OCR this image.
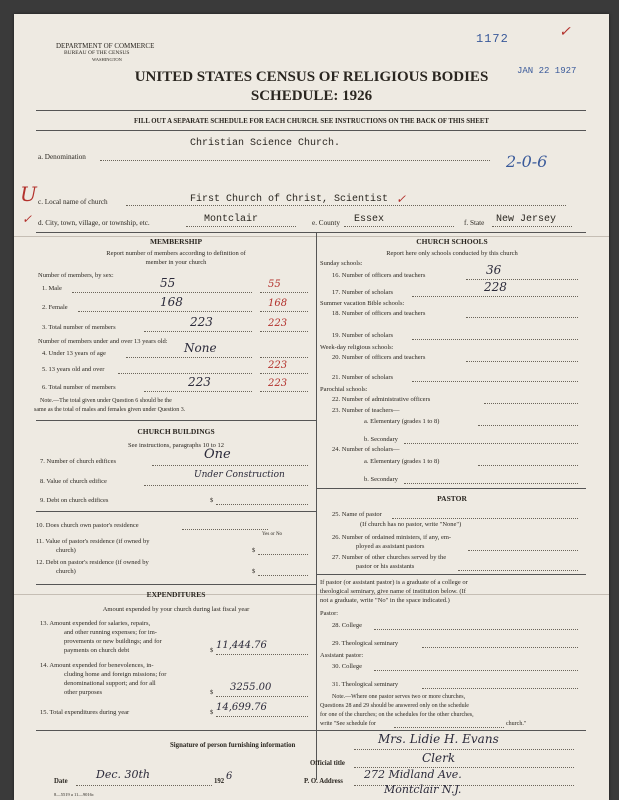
1172	✓
JAN 22 1927
DEPARTMENT OF COMMERCE
BUREAU OF THE CENSUS
WASHINGTON
UNITED STATES CENSUS OF RELIGIOUS BODIES
SCHEDULE: 1926
FILL OUT A SEPARATE SCHEDULE FOR EACH CHURCH. SEE INSTRUCTIONS ON THE BACK OF THIS SHEET
2-0-6
a. Denomination
Christian Science Church.
U c. Local name of church	First Church of Christ, Scientist ✓
✓ d. City, town, village, or township, etc.	Montclair	e. County Essex	f. State New Jersey
MEMBERSHIP
Report number of members according to definition of
member in your church
Number of members, by sex:
1. Male	55	55
2. Female	168	168
3. Total number of members	223	223
Number of members under and over 13 years old:
4. Under 13 years of age	None
5. 13 years old and over	223
6. Total number of members	223	223
Note.—The total given under Question 6 should be the
same as the total of males and females given under Question 3.
CHURCH BUILDINGS
See instructions, paragraphs 10 to 12
7. Number of church edifices	One
8. Value of church edifice
Under Construction
9. Debt on church edifices	$
10. Does church own pastor's residence
Yes or No
11. Value of pastor's residence (if owned by
church)	$
12. Debt on pastor's residence (if owned by
church)	$
EXPENDITURES
Amount expended by your church during last fiscal year
13. Amount expended for salaries, repairs,
and other running expenses; for im-
provements or new buildings; and for
payments on church debt	$ 11,444.76
14. Amount expended for benevolences, in-
cluding home and foreign missions; for
denominational support; and for all
other purposes	$ 3255.00
15. Total expenditures during year	$ 14,699.76
CHURCH SCHOOLS
Report here only schools conducted by this church
Sunday schools:
16. Number of officers and teachers	36
17. Number of scholars	228
Summer vacation Bible schools:
18. Number of officers and teachers
19. Number of scholars
Week-day religious schools:
20. Number of officers and teachers
21. Number of scholars
Parochial schools:
22. Number of administrative officers
23. Number of teachers—
a. Elementary (grades 1 to 8)
b. Secondary
24. Number of scholars—
a. Elementary (grades 1 to 8)
b. Secondary
PASTOR
25. Name of pastor
(If church has no pastor, write "None")
26. Number of ordained ministers, if any, em-
ployed as assistant pastors
27. Number of other churches served by the
pastor or his assistants
If pastor (or assistant pastor) is a graduate of a college or
theological seminary, give name of institution below. (If
not a graduate, write "No" in the space indicated.)
Pastor:
28. College
29. Theological seminary
Assistant pastor:
30. College
31. Theological seminary
Note.—Where one pastor serves two or more churches,
Questions 28 and 29 should be answered only on the schedule
for one of the churches; on the schedules for the other churches,
write "See schedule for	church."
Signature of person furnishing information	Mrs. Lidie H. Evans
Official title	Clerk
Date
Dec. 30th
192 6	P. O. Address
272 Midland Ave.
Montclair N.J.
8—5519 a 11—9016c
